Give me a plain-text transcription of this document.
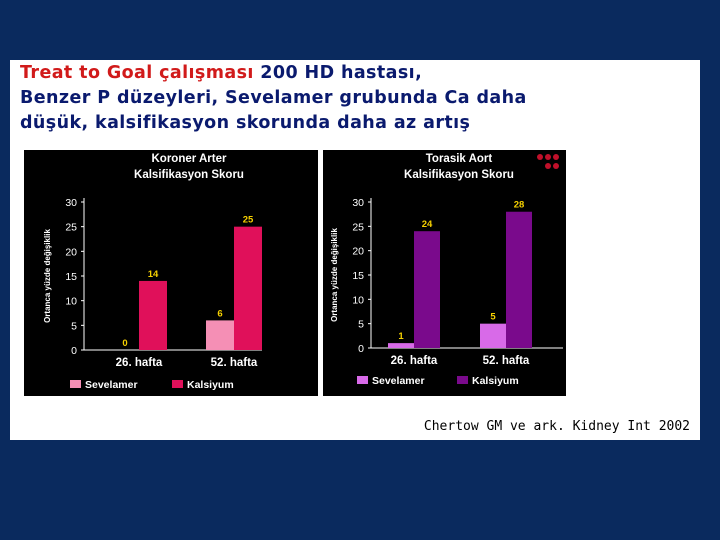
Treat to Goal çalışması 200 HD hastası,
Benzer P düzeyleri, Sevelamer grubunda Ca daha
düşük, kalsifikasyon skorunda daha az artış

Koroner Arter
Kalsifikasyon Skoru
Ortanca yüzde değişiklik
0
5
10
15
20
25
30
0
14
26. hafta
6
25
52. hafta
Sevelamer	Kalsiyum
Torasik Aort
Kalsifikasyon Skoru
Ortanca yüzde değişiklik
0
5
10
15
20
25
30
1
24
26. hafta
5
28
52. hafta
Sevelamer	Kalsiyum

Chertow GM ve ark. Kidney Int 2002
